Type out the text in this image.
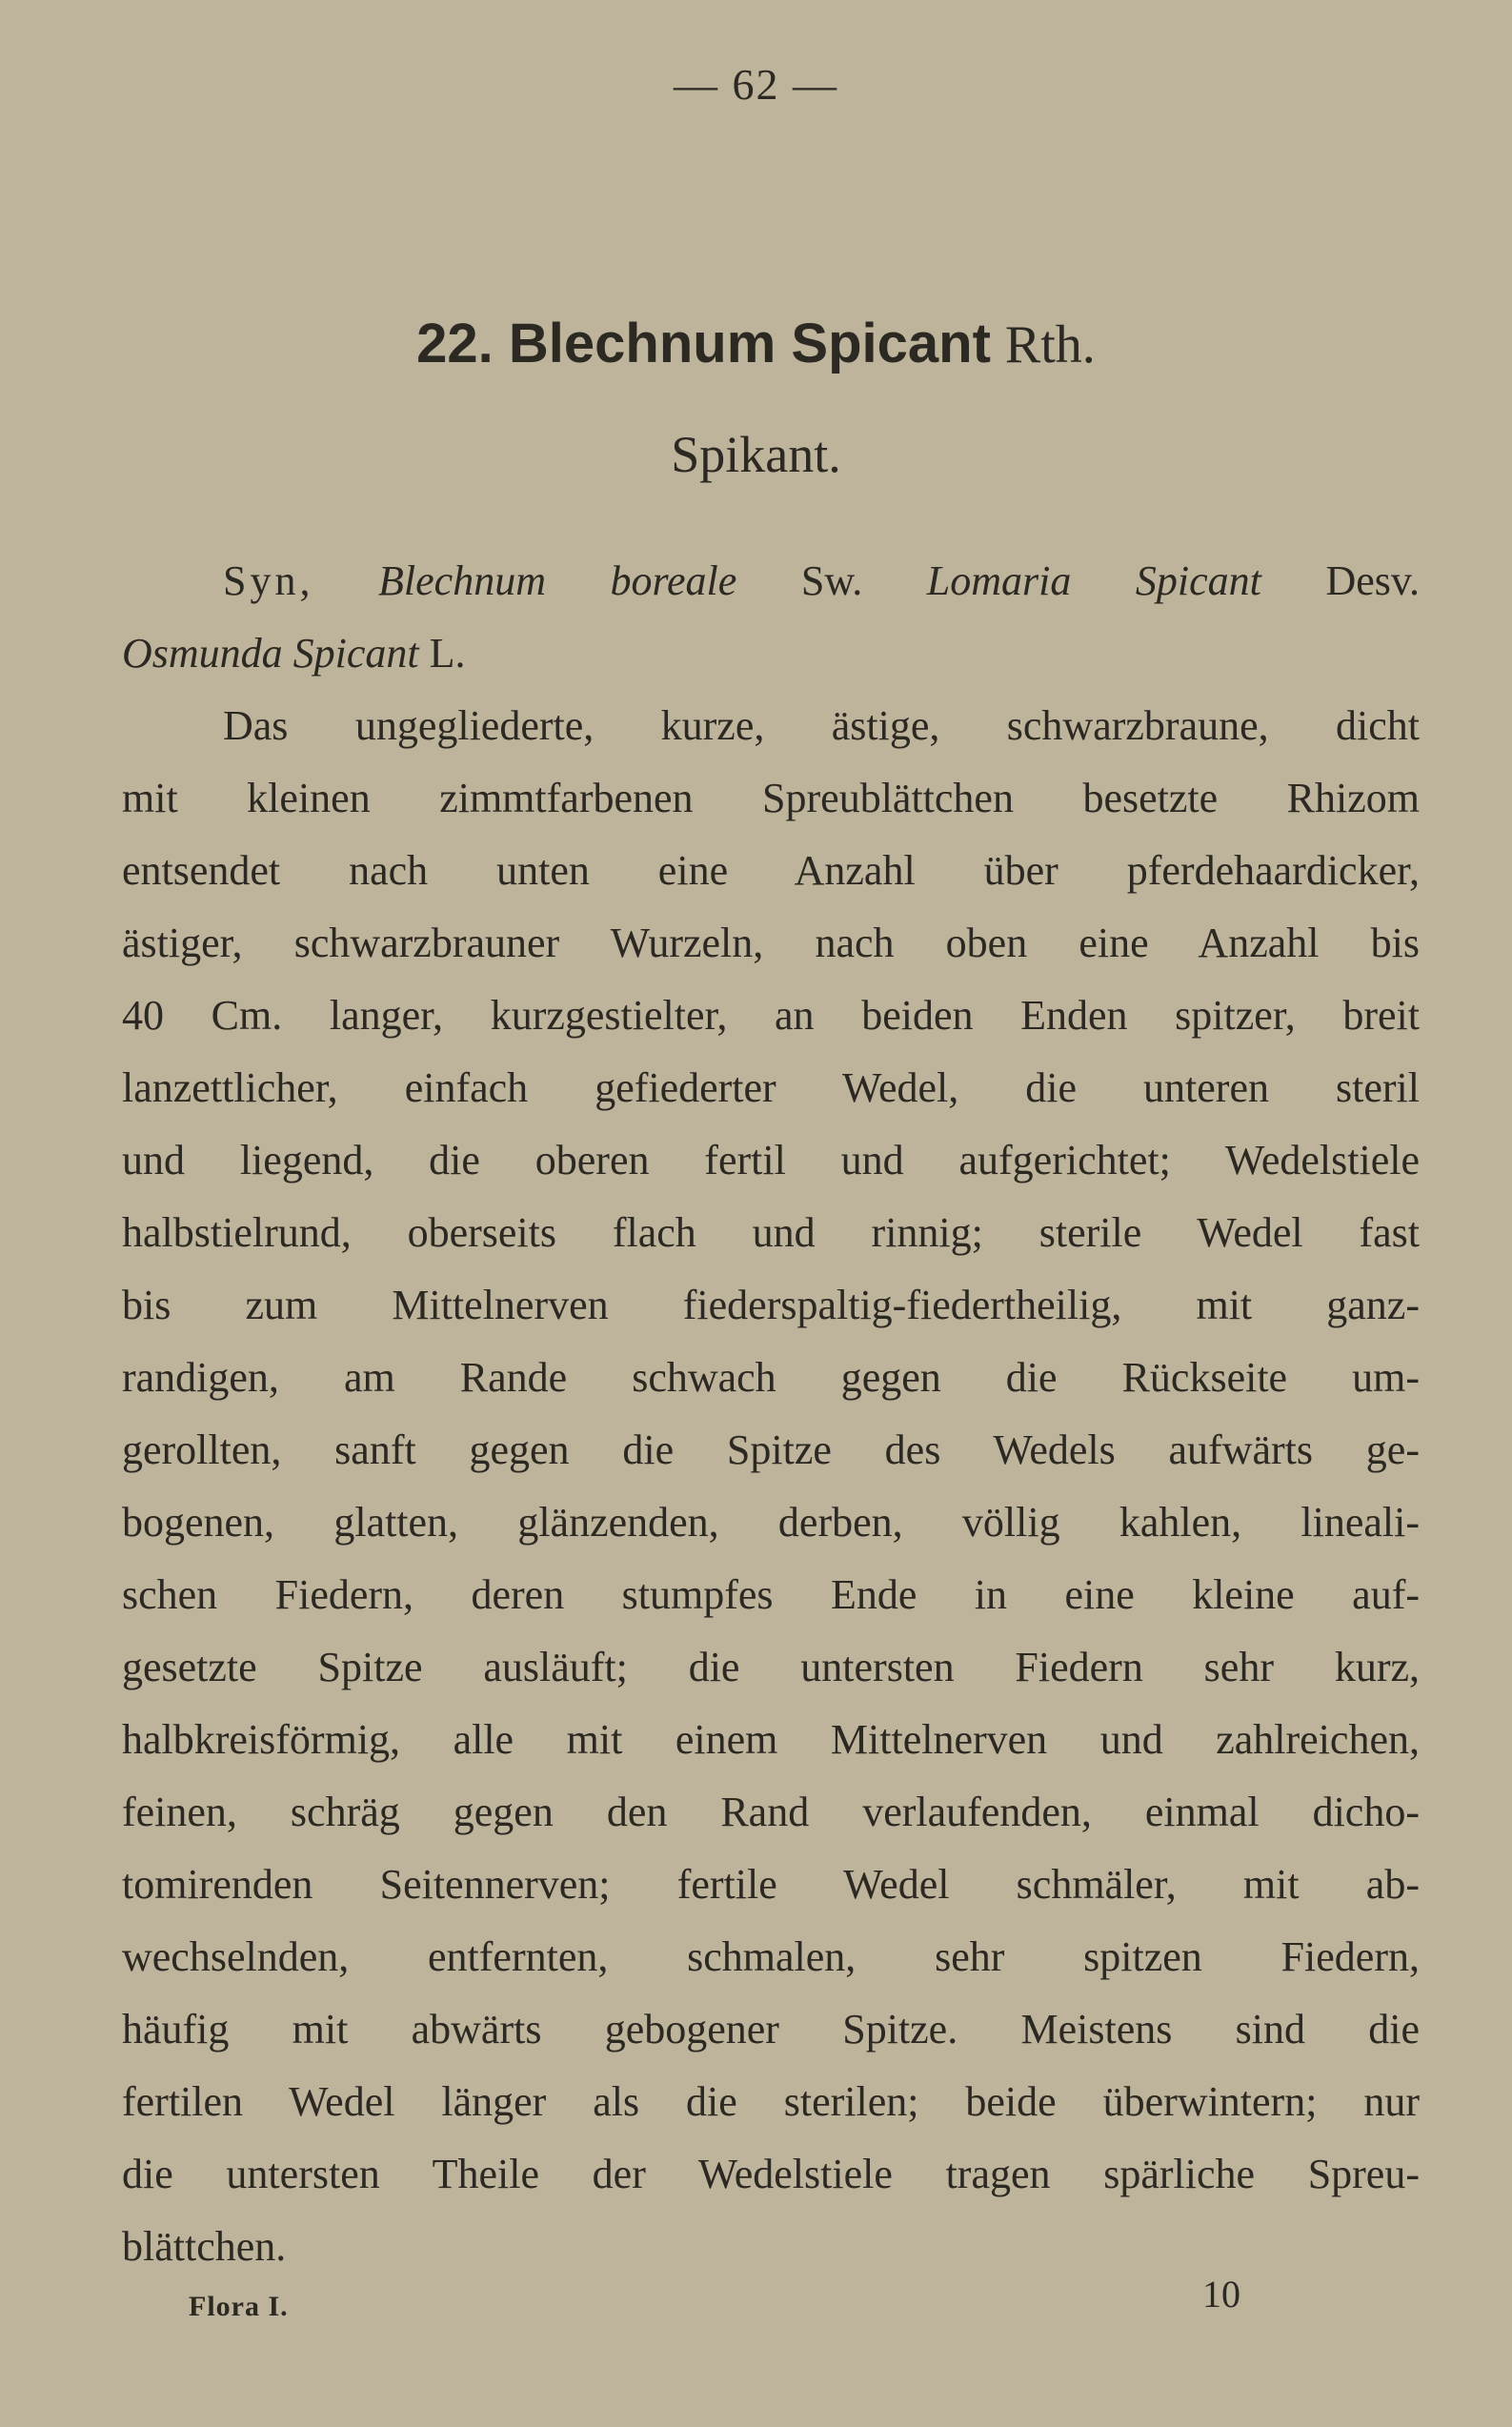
— 62 —
22. Blechnum Spicant Rth.
Spikant.
Syn, Blechnum boreale Sw. Lomaria Spicant Desv.
Osmunda Spicant L.
Das ungegliederte, kurze, ästige, schwarzbraune, dicht
mit kleinen zimmtfarbenen Spreublättchen besetzte Rhizom
entsendet nach unten eine Anzahl über pferdehaardicker,
ästiger, schwarzbrauner Wurzeln, nach oben eine Anzahl bis
40 Cm. langer, kurzgestielter, an beiden Enden spitzer, breit
lanzettlicher, einfach gefiederter Wedel, die unteren steril
und liegend, die oberen fertil und aufgerichtet; Wedelstiele
halbstielrund, oberseits flach und rinnig; sterile Wedel fast
bis zum Mittelnerven fiederspaltig-fiedertheilig, mit ganz-
randigen, am Rande schwach gegen die Rückseite um-
gerollten, sanft gegen die Spitze des Wedels aufwärts ge-
bogenen, glatten, glänzenden, derben, völlig kahlen, lineali-
schen Fiedern, deren stumpfes Ende in eine kleine auf-
gesetzte Spitze ausläuft; die untersten Fiedern sehr kurz,
halbkreisförmig, alle mit einem Mittelnerven und zahlreichen,
feinen, schräg gegen den Rand verlaufenden, einmal dicho-
tomirenden Seitennerven; fertile Wedel schmäler, mit ab-
wechselnden, entfernten, schmalen, sehr spitzen Fiedern,
häufig mit abwärts gebogener Spitze. Meistens sind die
fertilen Wedel länger als die sterilen; beide überwintern; nur
die untersten Theile der Wedelstiele tragen spärliche Spreu-
blättchen.
Flora I.	10
